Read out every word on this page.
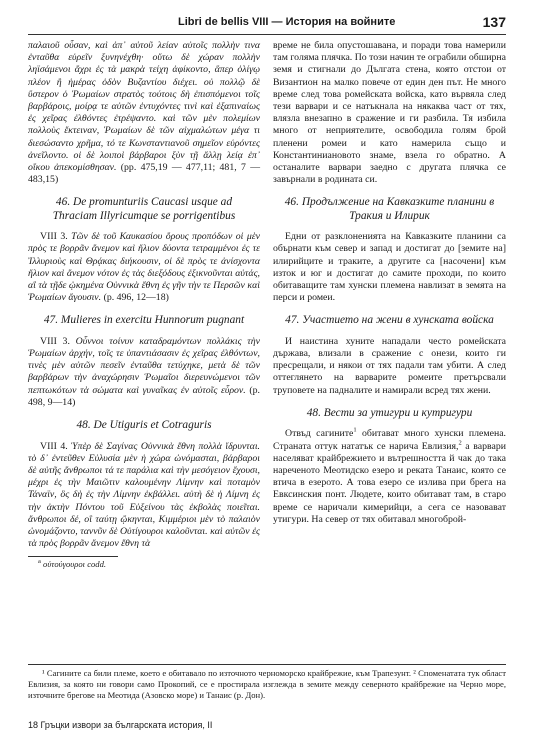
Libri de bellis VIII — История на войните	137

παλαιοῦ οὖσαν, καὶ ἀπ᾽ αὐτοῦ λείαν αὐτοῖς πολλὴν τινα ἐνταῦθα εὑρεῖν ξυνηνέχθη· οὕτω δὲ χώραν πολλὴν ληϊσάμενοι ἄχρι ἐς τὰ μακρὰ τείχη ἀφίκοντο, ἅπερ ὀλίγῳ πλέον ἢ ἡμέρας ὁδὸν Βυζαντίου διέχει. οὐ πολλῷ δὲ ὕστερον ὁ Ῥωμαίων στρατὸς τούτοις δὴ ἐπισπόμενοι τοῖς βαρβάροις, μοίρᾳ τε αὐτῶν ἐντυχόντες τινὶ καὶ ἐξαπιναίως ἐς χεῖρας ἐλθόντες ἐτρέψαντο. καὶ τῶν μὲν πολεμίων πολλοὺς ἔκτειναν, Ῥωμαίων δὲ τῶν αἰχμαλώτων μέγα τι διεσώσαντο χρῆμα, τό τε Κωνσταντιανοῦ σημεῖον εὑρόντες ἀνεῖλοντο. οἱ δὲ λοιποὶ βάρβαροι ξὺν τῇ ἄλλῃ λείᾳ ἐπ᾽ οἴκου ἀπεκομίσθησαν. (pp. 475,19 — 477,11; 481, 7 — 483,15)

46. De promunturiis Caucasi usque ad Thraciam Illyricumque se porrigentibus

VIII 3. Τῶν δὲ τοῦ Καυκασίου ὄρους προπόδων οἱ μὲν πρὸς τε βορρᾶν ἄνεμον καὶ ἥλιον δύοντα τετραμμένοι ἐς τε Ἰλλυριοὺς καὶ Θρᾴκας διήκουσιν, οἱ δὲ πρὸς τε ἀνίσχοντα ἥλιον καὶ ἄνεμον νότον ἐς τὰς διεξόδους ἐξικνοῦνται αὐτάς, αἳ τὰ τῇδε ᾠκημένα Οὐννικὰ ἔθνη ἐς γῆν τὴν τε Περσῶν καὶ Ῥωμαίων ἄγουσιν. (p. 496, 12—18)

47. Mulieres in exercitu Hunnorum pugnant

VIII 3. Οὖννοι τοίνυν καταδραμόντων πολλάκις τὴν Ῥωμαίων ἀρχήν, τοῖς τε ὑπαντιάσασιν ἐς χεῖρας ἐλθόντων, τινὲς μὲν αὐτῶν πεσεῖν ἐνταῦθα τετύχηκε, μετὰ δὲ τῶν βαρβάρων τὴν ἀναχώρησιν Ῥωμαῖοι διερευνώμενοι τῶν πεπτωκότων τὰ σώματα καὶ γυναῖκας ἐν αὐτοῖς εὗρον. (p. 498, 9—14)

48. De Utiguris et Cotraguris

VIII 4. Ὑπὲρ δὲ Σαγίνας Οὐννικὰ ἔθνη πολλὰ ἵδρυνται. τὸ δ᾽ ἐντεῦθεν Εὐλυσία μὲν ἡ χώρα ὠνόμασται, βάρβαροι δὲ αὐτῆς ἄνθρωποι τά τε παράλια καὶ τὴν μεσόγειον ἔχουσι, μέχρι ἐς τὴν Μαιῶτιν καλουμένην Λίμνην καὶ ποταμὸν Τάναϊν, ὃς δὴ ἐς τὴν Λίμνην ἐκβάλλει. αὐτὴ δὲ ἡ Λίμνη ἐς τὴν ἀκτὴν Πόντου τοῦ Εὐξείνου τὰς ἐκβολὰς ποιεῖται. ἄνθρωποι δέ, οἳ ταύτῃ ᾤκηνται, Κιμμέριοι μὲν τὸ παλαιὸν ὠνομάζοντο, ταννῦν δὲ Οὐτίγουροι καλοῦνται. καὶ αὐτῶν ἐς τὰ πρὸς βορρᾶν ἄνεμον ἔθνη τὰ

$^a$ οὐτούγουροι codd.

време не била опустошавана, и поради това намерили там голяма плячка. По този начин те ограбили обширна земя и стигнали до Дългата стена, която отстои от Византион на малко повече от един ден път. Не много време след това ромейската войска, като вървяла след тези варвари и се натъкнала на някаква част от тях, влязла внезапно в сражение и ги разбила. Тя избила много от неприятелите, освободила голям брой пленени ромеи и като намерила също и Константиниановото знаме, взела го обратно. А останалите варвари заедно с другата плячка се завърнали в родината си.

46. Продължение на Кавказките планини в Тракия и Илирик

Едни от разклоненията на Кавказките планини са обърнати към север и запад и достигат до [земите на] илирийците и траките, а другите са [насочени] към изток и юг и достигат до самите проходи, по които обитаващите там хунски племена навлизат в земята на перси и ромеи.

47. Участието на жени в хунската войска

И наистина хуните нападали често ромейската държава, влизали в сражение с онези, които ги пресрещали, и някои от тях падали там убити. А след оттеглянето на варварите ромеите претърсвали труповете на падналите и намирали всред тях жени.

48. Вести за утигури и кутригури

Отвъд сагините$^1$ обитават много хунски племена. Страната оттук нататък се нарича Евлизия,$^2$ а варвари населяват крайбрежието и вътрешността й чак до така нареченото Меотидско езеро и реката Танаис, която се втича в езерото. А това езеро се излива при брега на Евксинския понт. Людете, които обитават там, в старо време се наричали кимерийци, а сега се назовават утигури. На север от тях обитавал многоброй-

¹ Сагините са били племе, което е обитавало по източното черноморско крайбрежие, към Трапезунт. ² Споменатата тук област Евлизия, за която ни говори само Прокопий, се е простирала изглежда в земите между северното крайбрежие на Черно море, източните брегове на Меотида (Азовско море) и Танаис (р. Дон).

18 Гръцки извори за българската история, II
